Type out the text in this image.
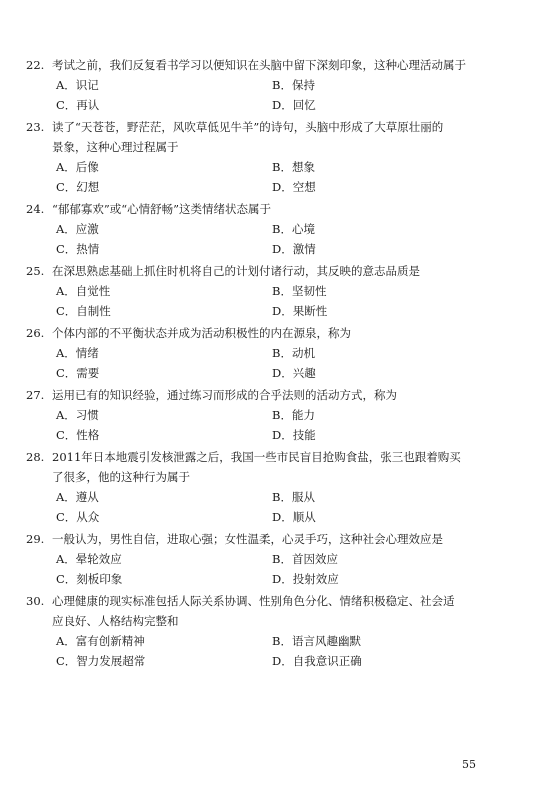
22. 考试之前，我们反复看书学习以便知识在头脑中留下深刻印象，这种心理活动属于
A．识记	B．保持
C．再认	D．回忆
23. 读了“天苍苍，野茫茫，风吹草低见牛羊”的诗句，头脑中形成了大草原壮丽的
景象，这种心理过程属于
A．后像	B．想象
C．幻想	D．空想
24. “郁郁寡欢”或“心情舒畅”这类情绪状态属于
A．应激	B．心境
C．热情	D．激情
25. 在深思熟虑基础上抓住时机将自己的计划付诸行动，其反映的意志品质是
A．自觉性	B．坚韧性
C．自制性	D．果断性
26. 个体内部的不平衡状态并成为活动积极性的内在源泉，称为
A．情绪	B．动机
C．需要	D．兴趣
27. 运用已有的知识经验，通过练习而形成的合乎法则的活动方式，称为
A．习惯	B．能力
C．性格	D．技能
28. 2011年日本地震引发核泄露之后，我国一些市民盲目抢购食盐，张三也跟着购买
了很多，他的这种行为属于
A．遵从	B．服从
C．从众	D．顺从
29. 一般认为，男性自信，进取心强；女性温柔，心灵手巧，这种社会心理效应是
A．晕轮效应	B．首因效应
C．刻板印象	D．投射效应
30. 心理健康的现实标准包括人际关系协调、性别角色分化、情绪积极稳定、社会适
应良好、人格结构完整和
A．富有创新精神	B．语言风趣幽默
C．智力发展超常	D．自我意识正确
55
